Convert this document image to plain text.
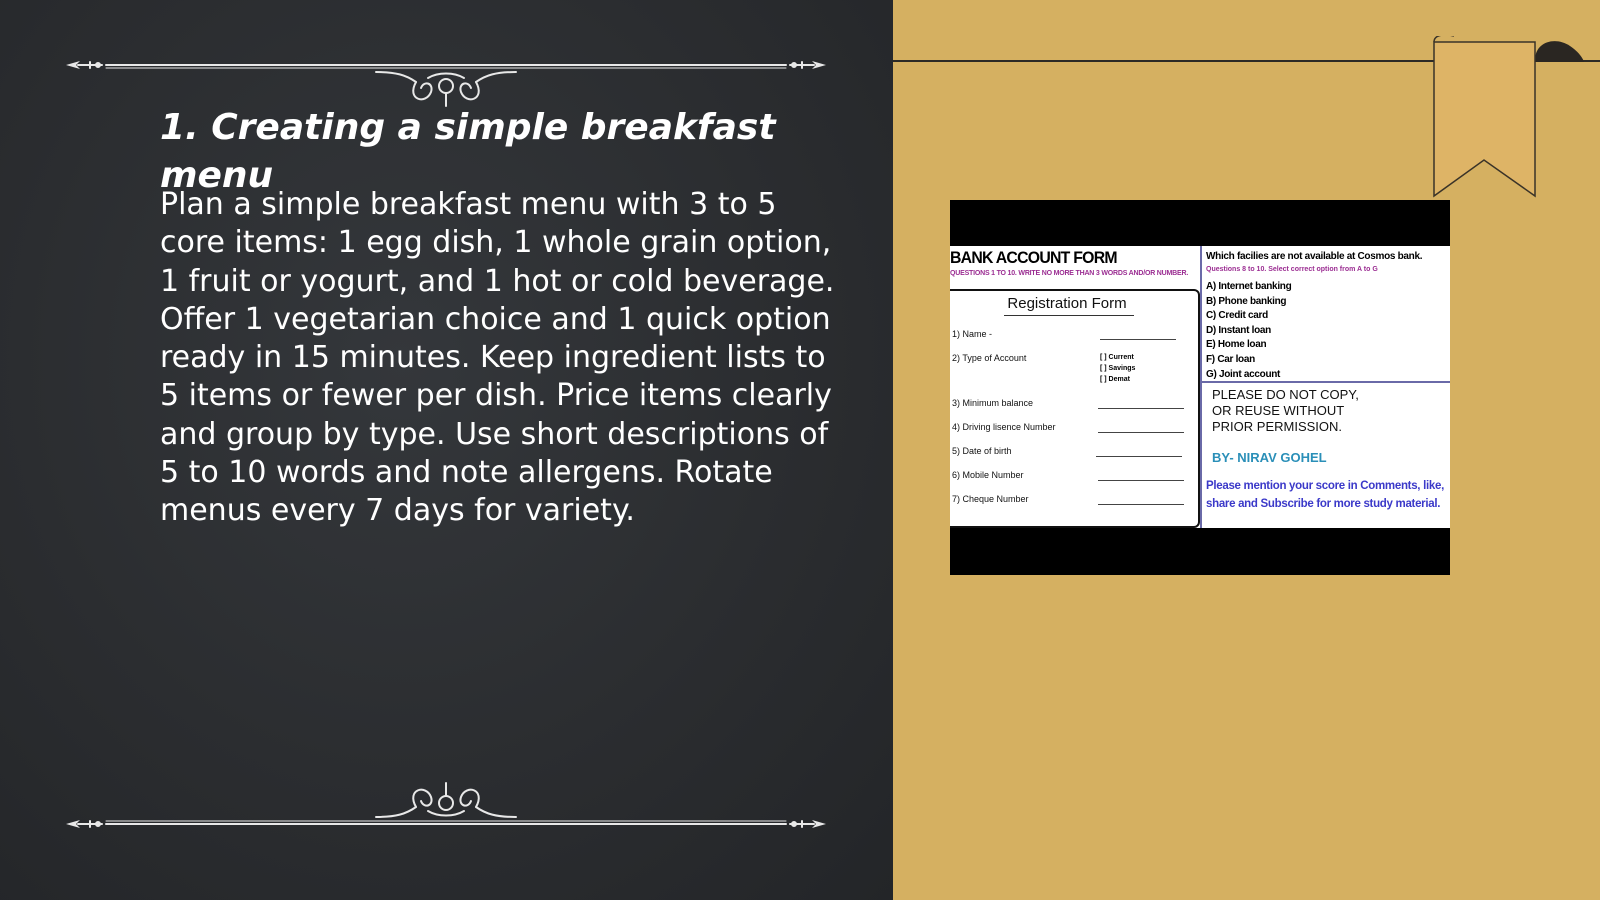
1. Creating a simple breakfast menu

Plan a simple breakfast menu with 3 to 5 core items: 1 egg dish, 1 whole grain option, 1 fruit or yogurt, and 1 hot or cold beverage. Offer 1 vegetarian choice and 1 quick option ready in 15 minutes. Keep ingredient lists to 5 items or fewer per dish. Price items clearly and group by type. Use short descriptions of 5 to 10 words and note allergens. Rotate menus every 7 days for variety.

BANK ACCOUNT FORM
QUESTIONS 1 TO 10. WRITE NO MORE THAN 3 WORDS AND/OR NUMBER.
Registration Form
1) Name -
2) Type of Account	[ ] Current
[ ] Savings
[ ] Demat
3) Minimum balance
4) Driving lisence Number
5) Date of birth
6) Mobile Number
7) Cheque Number
Which facilies are not available at Cosmos bank.
Questions 8 to 10. Select correct option from A to G
A) Internet banking
B) Phone banking
C) Credit card
D) Instant loan
E) Home loan
F) Car loan
G) Joint account
PLEASE DO NOT COPY,
OR REUSE WITHOUT
PRIOR PERMISSION.
BY- NIRAV GOHEL
Please mention your score in Comments, like, share and Subscribe for more study material.
